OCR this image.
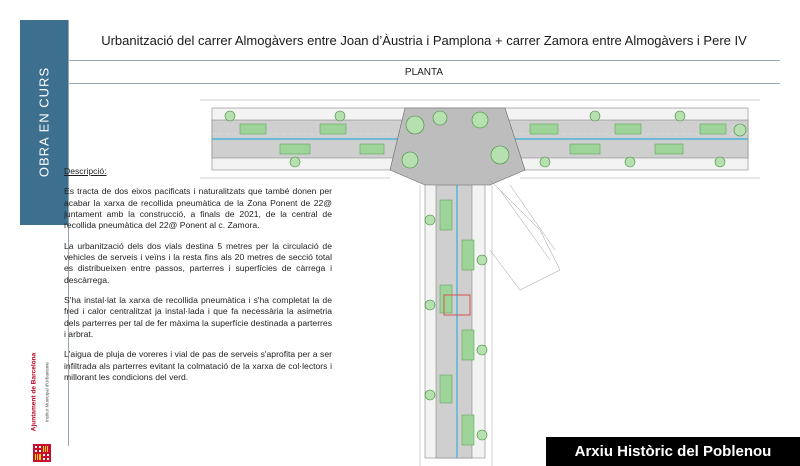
OBRA EN CURS
Ajuntament de Barcelona Institut Municipal d'Urbanisme
Urbanització del carrer Almogàvers entre Joan d’Àustria i Pamplona + carrer Zamora entre Almogàvers i Pere IV
PLANTA
Descripció:

Es tracta de dos eixos pacificats i naturalitzats que també donen per acabar la xarxa de recollida pneumàtica de la Zona Ponent de 22@ juntament amb la construcció, a finals de 2021, de la central de recollida pneumàtica del 22@ Ponent al c. Zamora.

La urbanització dels dos vials destina 5 metres per la circulació de vehicles de serveis i veïns i la resta fins als 20 metres de secció total es distribueixen entre passos, parterres i superfícies de càrrega i descàrrega.

S'ha instal·lat la xarxa de recollida pneumàtica i s'ha completat la de fred i calor centralitzat ja instal·lada i que fa necessària la asimetria dels parterres per tal de fer màxima la superfície destinada a parterres i arbrat.

L'aigua de pluja de voreres i vial de pas de serveis s'aprofita per a ser infiltrada als parterres evitant la colmatació de la xarxa de col·lectors i millorant les condicions del verd.

Arxiu Històric del Poblenou
